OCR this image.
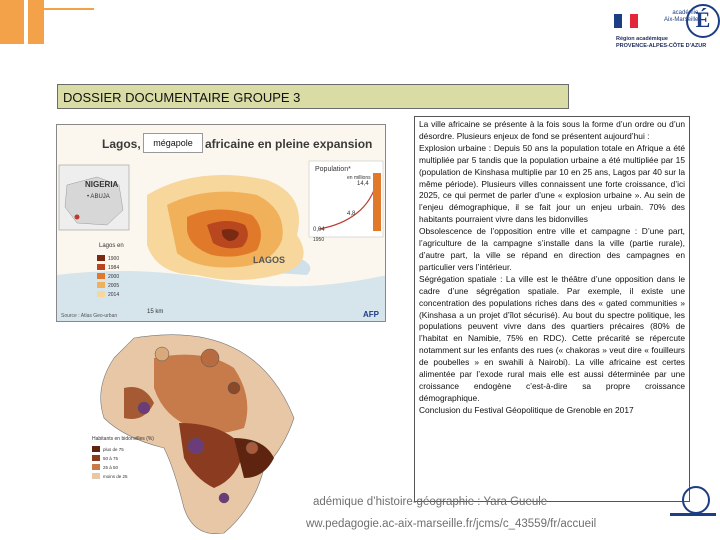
académie
Aix-Marseille
É
Région académique
PROVENCE-ALPES-CÔTE D'AZUR
DOSSIER DOCUMENTAIRE GROUPE 3
NIGERIA
• ABUJA
LAGOS
Population*
en millions
14,4
4,8
0,04
1950
Lagos en
1900
1984
2000
2005
2014
15 km
Source : Atlas Geo-urban	AFP
Lagos,	africaine en pleine expansion
mégapole
Habitants en bidonvilles (%)
plus de 75
50 à 75
25 à 50
moins de 25

La ville africaine se présente à la fois sous la forme d’un ordre ou d’un désordre. Plusieurs enjeux de fond se présentent aujourd’hui :

Explosion urbaine : Depuis 50 ans la population totale en Afrique a été multipliée par 5 tandis que la population urbaine a été multipliée par 15 (population de Kinshasa multiplie par 10 en 25 ans, Lagos par 40 sur la même période). Plusieurs villes connaissent une forte croissance, d’ici 2025, ce qui permet de parler d’une « explosion urbaine ». Au sein de l’enjeu démographique, il se fait jour un enjeu urbain. 70% des habitants pourraient vivre dans les bidonvilles

Obsolescence de l’opposition entre ville et campagne : D’une part, l’agriculture de la campagne s’installe dans la ville (partie rurale), d’autre part, la ville se répand en direction des campagnes en particulier vers l’intérieur.

Ségrégation spatiale : La ville est le théâtre d’une opposition dans le cadre d’une ségrégation spatiale. Par exemple, il existe une concentration des populations riches dans des « gated communities » (Kinshasa a un projet d’îlot sécurisé). Au bout du spectre politique, les populations peuvent vivre dans des quartiers précaires (80% de l’habitat en Namibie, 75% en RDC). Cette précarité se répercute notamment sur les enfants des rues (« chakoras » veut dire « fouilleurs de poubelles » en swahili à Nairobi). La ville africaine est certes alimentée par l’exode rural mais elle est aussi déterminée par une croissance endogène c’est-à-dire sa propre croissance démographique.

Conclusion du Festival Géopolitique de Grenoble en 2017

adémique d’histoire-géographie : Yara Gueule
ww.pedagogie.ac-aix-marseille.fr/jcms/c_43559/fr/accueil
